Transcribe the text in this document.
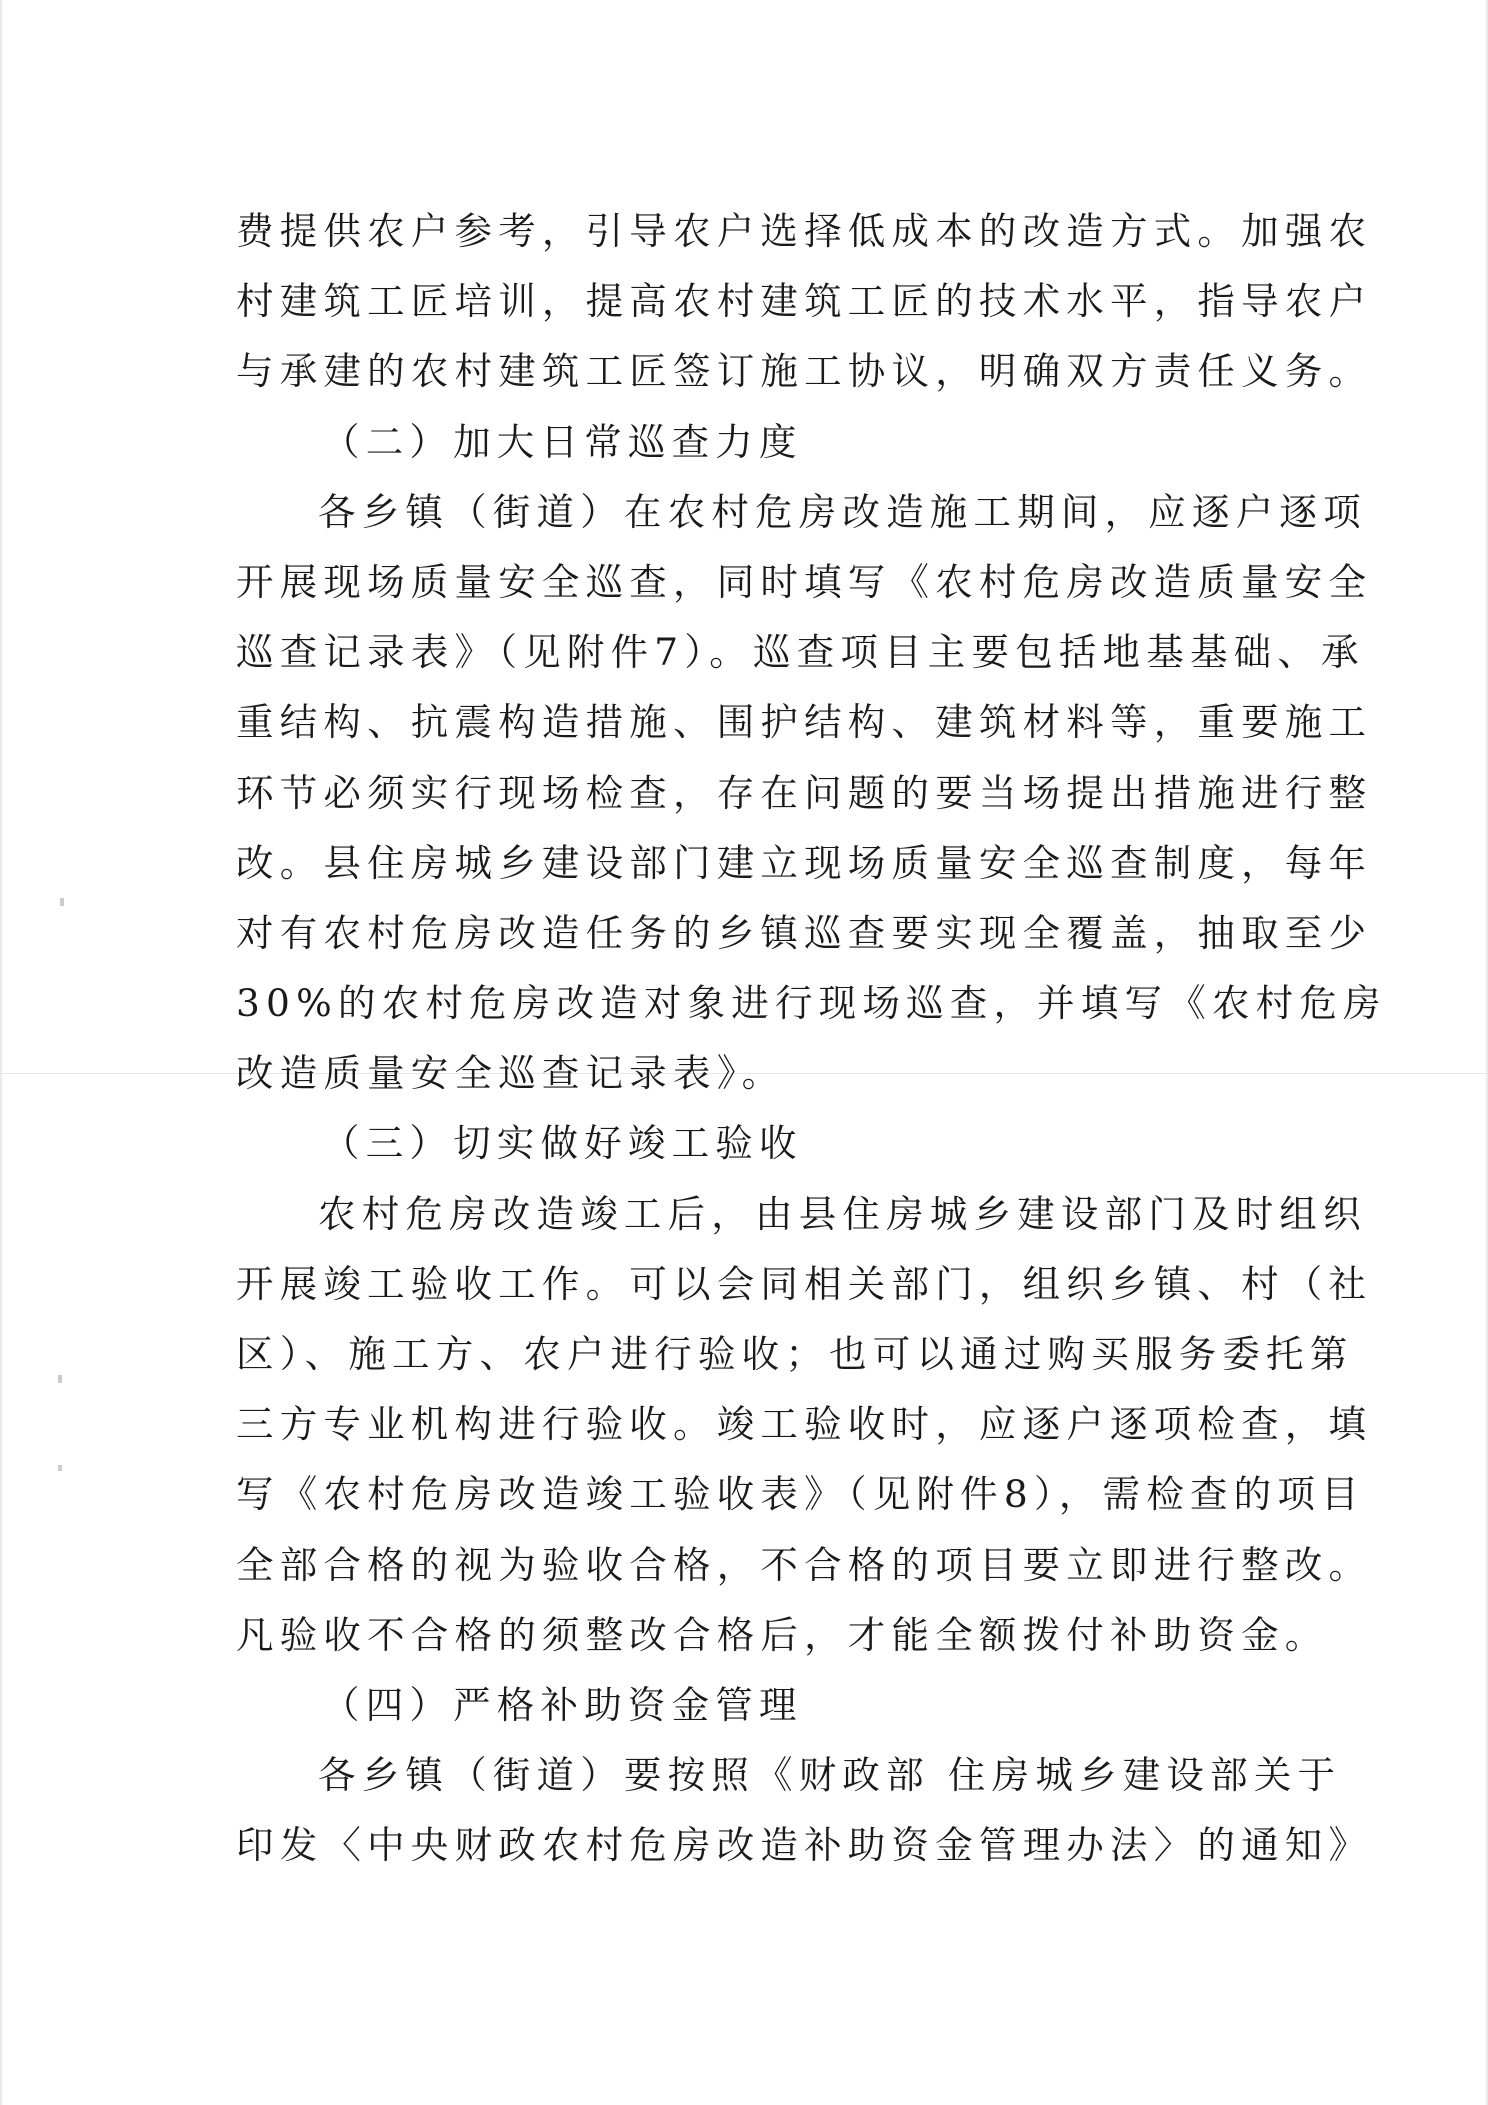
费提供农户参考，引导农户选择低成本的改造方式。加强农
村建筑工匠培训，提高农村建筑工匠的技术水平，指导农户
与承建的农村建筑工匠签订施工协议，明确双方责任义务。
（二）加大日常巡查力度
各乡镇（街道）在农村危房改造施工期间，应逐户逐项
开展现场质量安全巡查，同时填写《农村危房改造质量安全
巡查记录表》（见附件7）。巡查项目主要包括地基基础、承
重结构、抗震构造措施、围护结构、建筑材料等，重要施工
环节必须实行现场检查，存在问题的要当场提出措施进行整
改。县住房城乡建设部门建立现场质量安全巡查制度，每年
对有农村危房改造任务的乡镇巡查要实现全覆盖，抽取至少
30%的农村危房改造对象进行现场巡查，并填写《农村危房
改造质量安全巡查记录表》。
（三）切实做好竣工验收
农村危房改造竣工后，由县住房城乡建设部门及时组织
开展竣工验收工作。可以会同相关部门，组织乡镇、村（社
区）、施工方、农户进行验收；也可以通过购买服务委托第
三方专业机构进行验收。竣工验收时，应逐户逐项检查，填
写《农村危房改造竣工验收表》（见附件8），需检查的项目
全部合格的视为验收合格，不合格的项目要立即进行整改。
凡验收不合格的须整改合格后，才能全额拨付补助资金。
（四）严格补助资金管理
各乡镇（街道）要按照《财政部 住房城乡建设部关于
印发〈中央财政农村危房改造补助资金管理办法〉的通知》
